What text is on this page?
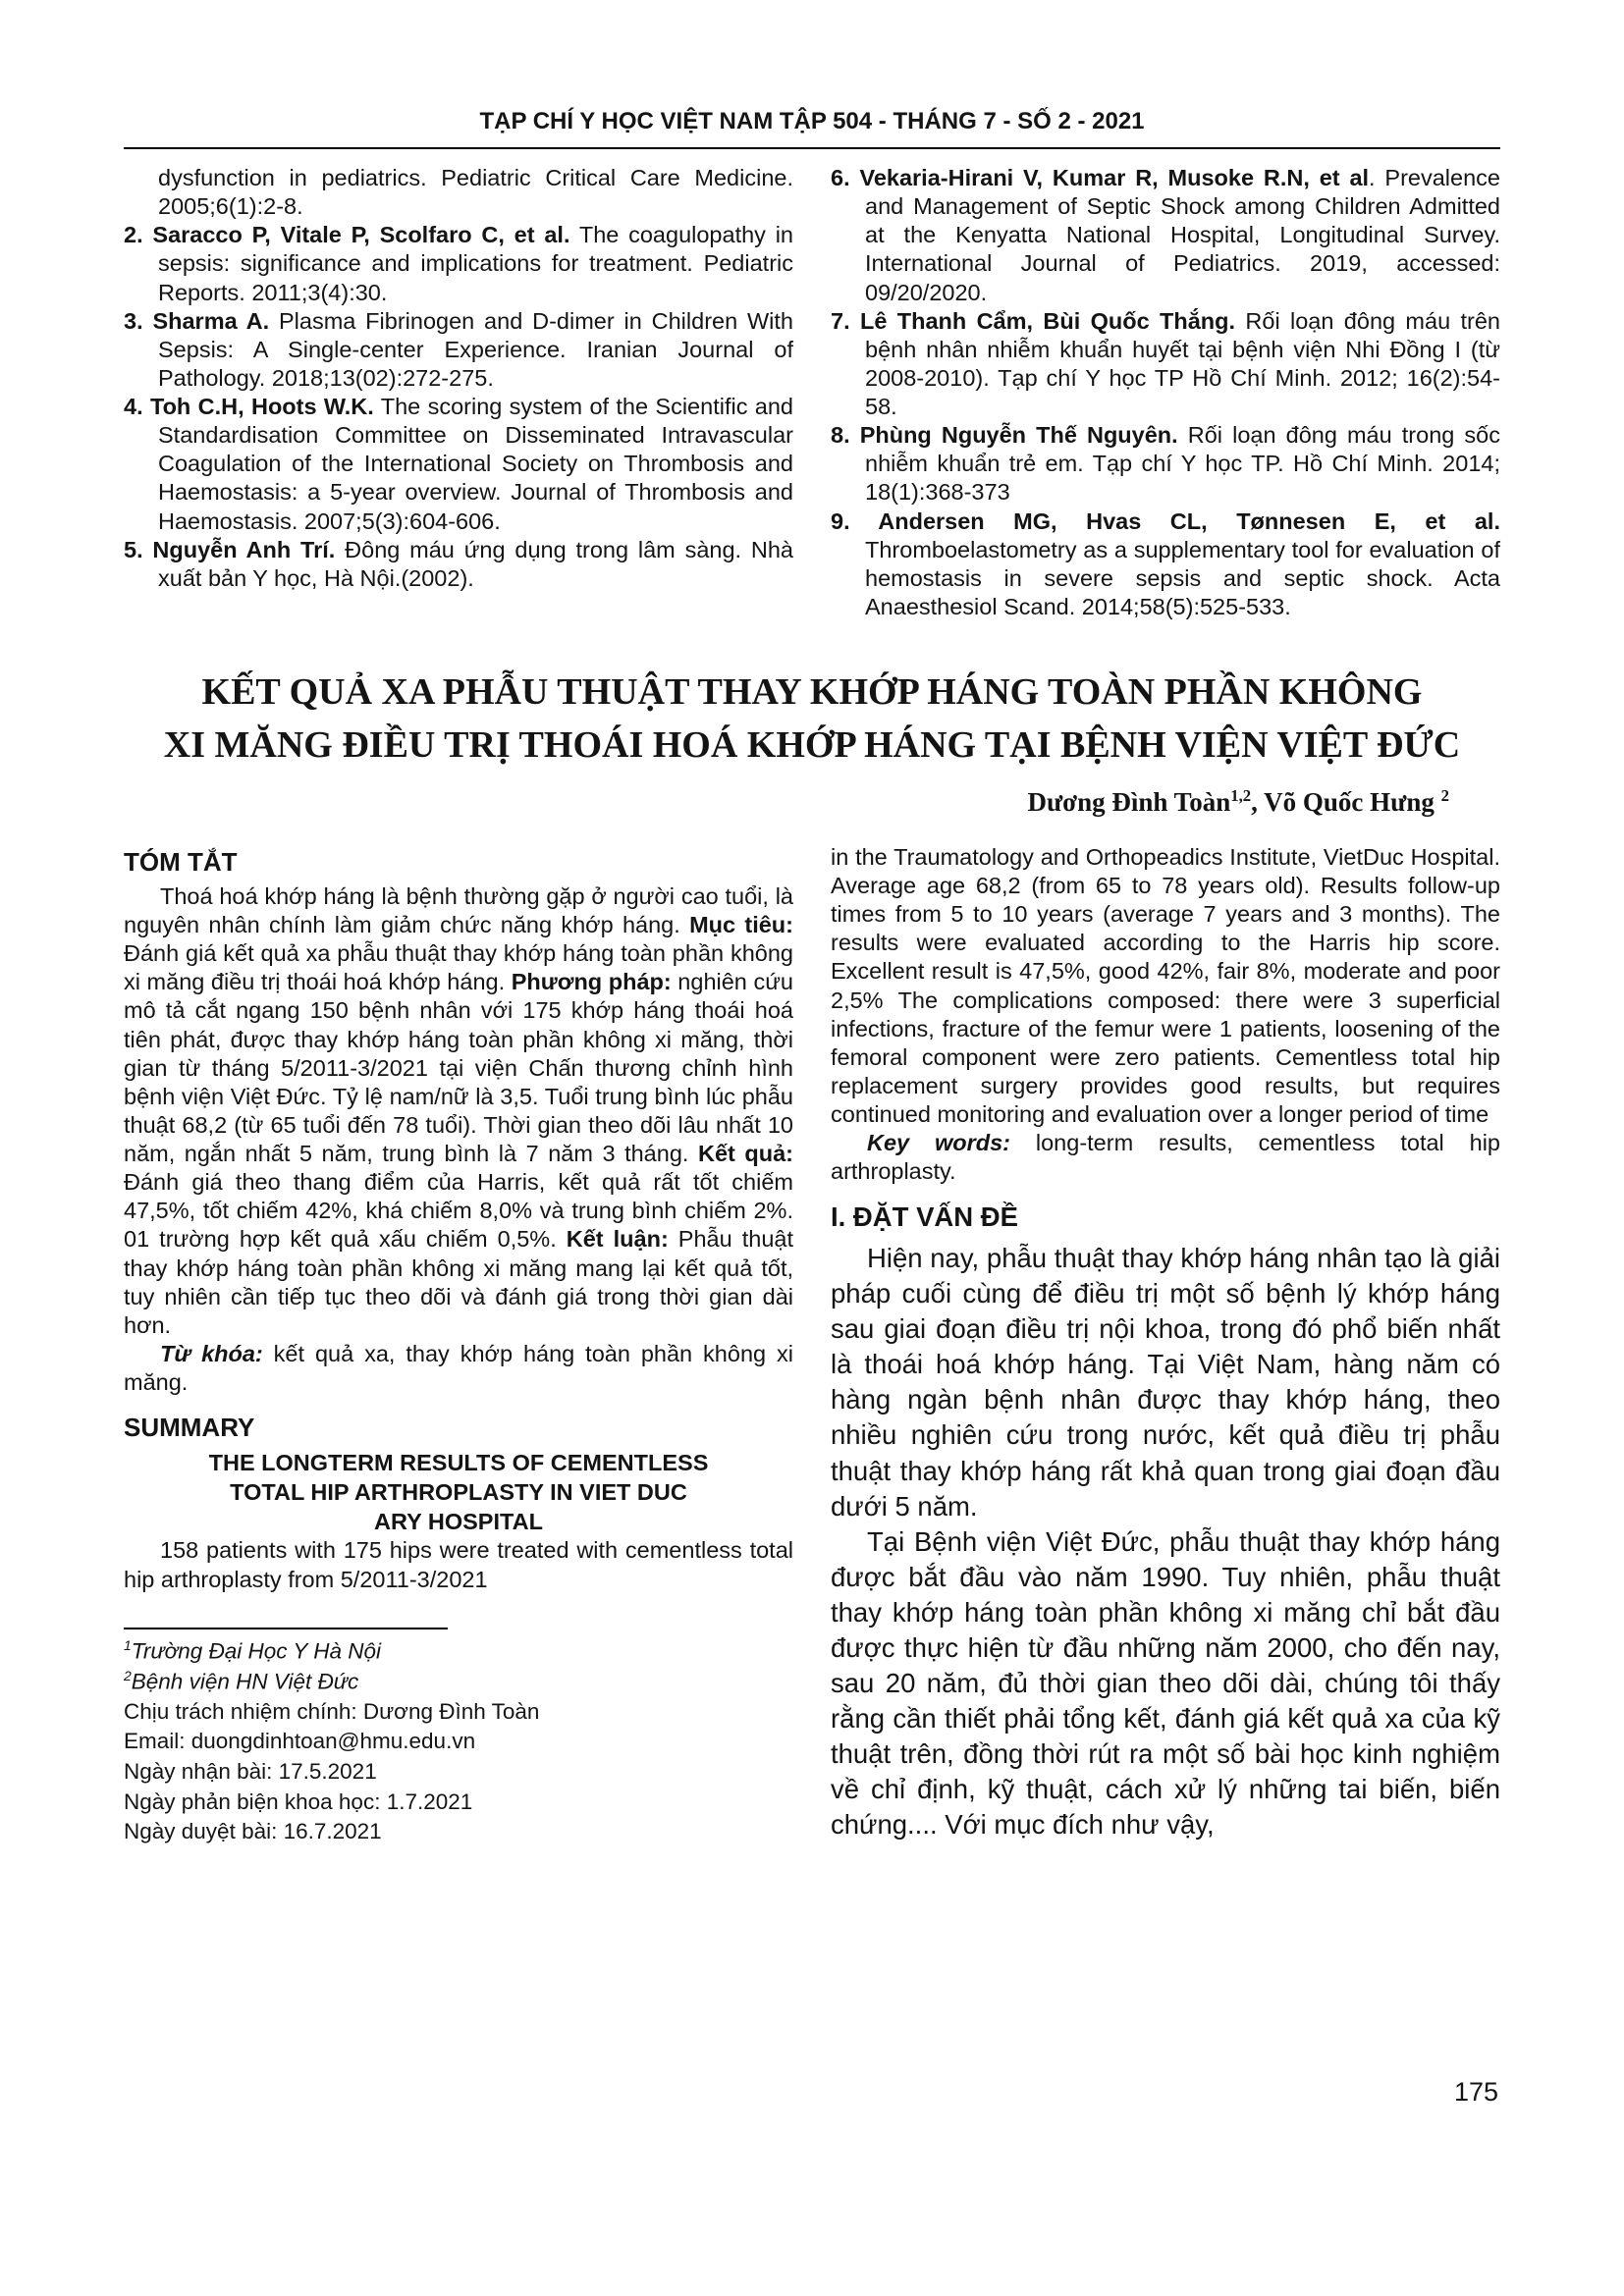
TẠP CHÍ Y HỌC VIỆT NAM TẬP 504 - THÁNG 7 - SỐ 2 - 2021
dysfunction in pediatrics. Pediatric Critical Care Medicine. 2005;6(1):2-8.
2. Saracco P, Vitale P, Scolfaro C, et al. The coagulopathy in sepsis: significance and implications for treatment. Pediatric Reports. 2011;3(4):30.
3. Sharma A. Plasma Fibrinogen and D-dimer in Children With Sepsis: A Single-center Experience. Iranian Journal of Pathology. 2018;13(02):272-275.
4. Toh C.H, Hoots W.K. The scoring system of the Scientific and Standardisation Committee on Disseminated Intravascular Coagulation of the International Society on Thrombosis and Haemostasis: a 5-year overview. Journal of Thrombosis and Haemostasis. 2007;5(3):604-606.
5. Nguyễn Anh Trí. Đông máu ứng dụng trong lâm sàng. Nhà xuất bản Y học, Hà Nội.(2002).
6. Vekaria-Hirani V, Kumar R, Musoke R.N, et al. Prevalence and Management of Septic Shock among Children Admitted at the Kenyatta National Hospital, Longitudinal Survey. International Journal of Pediatrics. 2019, accessed: 09/20/2020.
7. Lê Thanh Cẩm, Bùi Quốc Thắng. Rối loạn đông máu trên bệnh nhân nhiễm khuẩn huyết tại bệnh viện Nhi Đồng I (từ 2008-2010). Tạp chí Y học TP Hồ Chí Minh. 2012; 16(2):54-58.
8. Phùng Nguyễn Thế Nguyên. Rối loạn đông máu trong sốc nhiễm khuẩn trẻ em. Tạp chí Y học TP. Hồ Chí Minh. 2014; 18(1):368-373
9. Andersen MG, Hvas CL, Tønnesen E, et al. Thromboelastometry as a supplementary tool for evaluation of hemostasis in severe sepsis and septic shock. Acta Anaesthesiol Scand. 2014;58(5):525-533.
KẾT QUẢ XA PHẪU THUẬT THAY KHỚP HÁNG TOÀN PHẦN KHÔNG
XI MĂNG ĐIỀU TRỊ THOÁI HOÁ KHỚP HÁNG TẠI BỆNH VIỆN VIỆT ĐỨC
Dương Đình Toàn$^{1,2}$, Võ Quốc Hưng $^2$
TÓM TẮT

Thoá hoá khớp háng là bệnh thường gặp ở người cao tuổi, là nguyên nhân chính làm giảm chức năng khớp háng. Mục tiêu: Đánh giá kết quả xa phẫu thuật thay khớp háng toàn phần không xi măng điều trị thoái hoá khớp háng. Phương pháp: nghiên cứu mô tả cắt ngang 150 bệnh nhân với 175 khớp háng thoái hoá tiên phát, được thay khớp háng toàn phần không xi măng, thời gian từ tháng 5/2011-3/2021 tại viện Chấn thương chỉnh hình bệnh viện Việt Đức. Tỷ lệ nam/nữ là 3,5. Tuổi trung bình lúc phẫu thuật 68,2 (từ 65 tuổi đến 78 tuổi). Thời gian theo dõi lâu nhất 10 năm, ngắn nhất 5 năm, trung bình là 7 năm 3 tháng. Kết quả: Đánh giá theo thang điểm của Harris, kết quả rất tốt chiếm 47,5%, tốt chiếm 42%, khá chiếm 8,0% và trung bình chiếm 2%. 01 trường hợp kết quả xấu chiếm 0,5%. Kết luận: Phẫu thuật thay khớp háng toàn phần không xi măng mang lại kết quả tốt, tuy nhiên cần tiếp tục theo dõi và đánh giá trong thời gian dài hơn.

Từ khóa: kết quả xa, thay khớp háng toàn phần không xi măng.

SUMMARY
THE LONGTERM RESULTS OF CEMENTLESS
TOTAL HIP ARTHROPLASTY IN VIET DUC
ARY HOSPITAL

158 patients with 175 hips were treated with cementless total hip arthroplasty from 5/2011-3/2021

$^1$Trường Đại Học Y Hà Nội
$^2$Bệnh viện HN Việt Đức
Chịu trách nhiệm chính: Dương Đình Toàn
Email: duongdinhtoan@hmu.edu.vn
Ngày nhận bài: 17.5.2021
Ngày phản biện khoa học: 1.7.2021
Ngày duyệt bài: 16.7.2021

in the Traumatology and Orthopeadics Institute, VietDuc Hospital. Average age 68,2 (from 65 to 78 years old). Results follow-up times from 5 to 10 years (average 7 years and 3 months). The results were evaluated according to the Harris hip score. Excellent result is 47,5%, good 42%, fair 8%, moderate and poor 2,5% The complications composed: there were 3 superficial infections, fracture of the femur were 1 patients, loosening of the femoral component were zero patients. Cementless total hip replacement surgery provides good results, but requires continued monitoring and evaluation over a longer period of time

Key words: long-term results, cementless total hip arthroplasty.

I. ĐẶT VẤN ĐỀ

Hiện nay, phẫu thuật thay khớp háng nhân tạo là giải pháp cuối cùng để điều trị một số bệnh lý khớp háng sau giai đoạn điều trị nội khoa, trong đó phổ biến nhất là thoái hoá khớp háng. Tại Việt Nam, hàng năm có hàng ngàn bệnh nhân được thay khớp háng, theo nhiều nghiên cứu trong nước, kết quả điều trị phẫu thuật thay khớp háng rất khả quan trong giai đoạn đầu dưới 5 năm.

Tại Bệnh viện Việt Đức, phẫu thuật thay khớp háng được bắt đầu vào năm 1990. Tuy nhiên, phẫu thuật thay khớp háng toàn phần không xi măng chỉ bắt đầu được thực hiện từ đầu những năm 2000, cho đến nay, sau 20 năm, đủ thời gian theo dõi dài, chúng tôi thấy rằng cần thiết phải tổng kết, đánh giá kết quả xa của kỹ thuật trên, đồng thời rút ra một số bài học kinh nghiệm về chỉ định, kỹ thuật, cách xử lý những tai biến, biến chứng.... Với mục đích như vậy,

175
